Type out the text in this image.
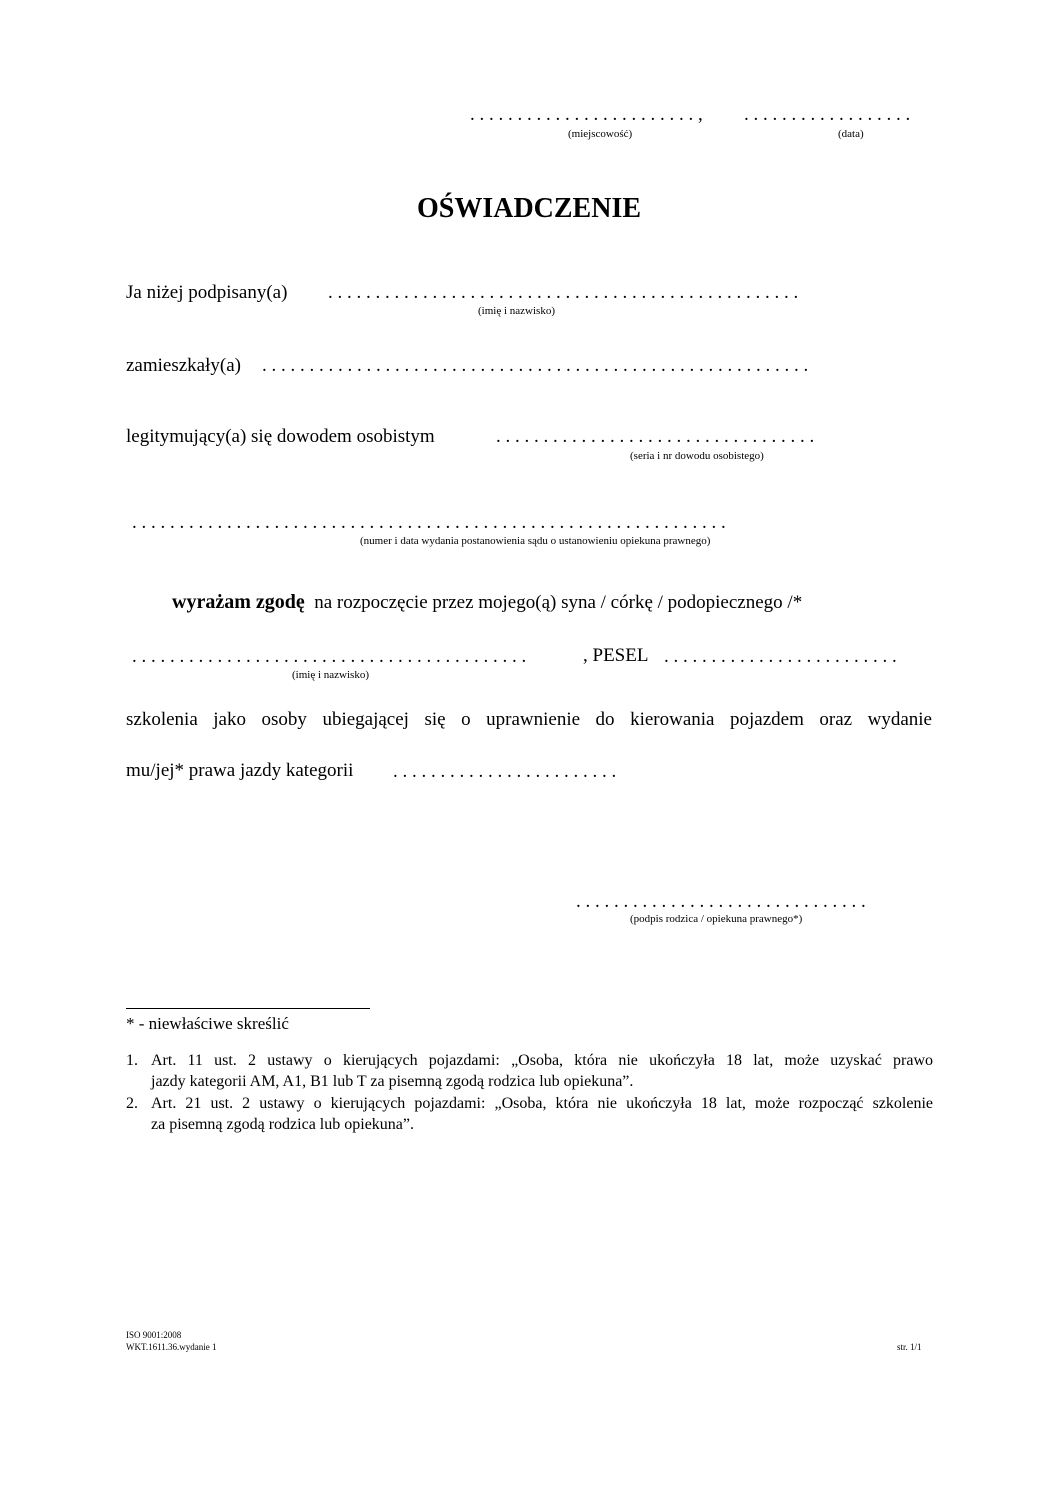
. . . . . . . . . . . . . . . . . . . . . . . . , . . . . . . . . . . . . . . . . . .
(miejscowość)	(data)
OŚWIADCZENIE
Ja niżej podpisany(a) . . . . . . . . . . . . . . . . . . . . . . . . . . . . . . . . . . . . . . . . . . . . . . . . . .
(imię i nazwisko)
zamieszkały(a) . . . . . . . . . . . . . . . . . . . . . . . . . . . . . . . . . . . . . . . . . . . . . . . . . . . . . . . . . .
legitymujący(a) się dowodem osobistym	. . . . . . . . . . . . . . . . . . . . . . . . . . . . . . . . . .
(seria i nr dowodu osobistego)
. . . . . . . . . . . . . . . . . . . . . . . . . . . . . . . . . . . . . . . . . . . . . . . . . . . . . . . . . . . . . . .
(numer i data wydania postanowienia sądu o ustanowieniu opiekuna prawnego)
wyrażam zgodę na rozpoczęcie przez mojego(ą) syna / córkę / podopiecznego /*
. . . . . . . . . . . . . . . . . . . . . . . . . . . . . . . . . . . . . . . . . .	, PESEL . . . . . . . . . . . . . . . . . . . . . . . . .
(imię i nazwisko)
szkolenia jako osoby ubiegającej się o uprawnienie do kierowania pojazdem oraz wydanie
mu/jej* prawa jazdy kategorii . . . . . . . . . . . . . . . . . . . . . . . .
. . . . . . . . . . . . . . . . . . . . . . . . . . . . . . .
(podpis rodzica / opiekuna prawnego*)
* - niewłaściwe skreślić
1. Art. 11 ust. 2 ustawy o kierujących pojazdami: „Osoba, która nie ukończyła 18 lat, może uzyskać prawo
jazdy kategorii AM, A1, B1 lub T za pisemną zgodą rodzica lub opiekuna”.
2. Art. 21 ust. 2 ustawy o kierujących pojazdami: „Osoba, która nie ukończyła 18 lat, może rozpocząć szkolenie
za pisemną zgodą rodzica lub opiekuna”.
ISO 9001:2008
WKT.1611.36.wydanie 1	str. 1/1
